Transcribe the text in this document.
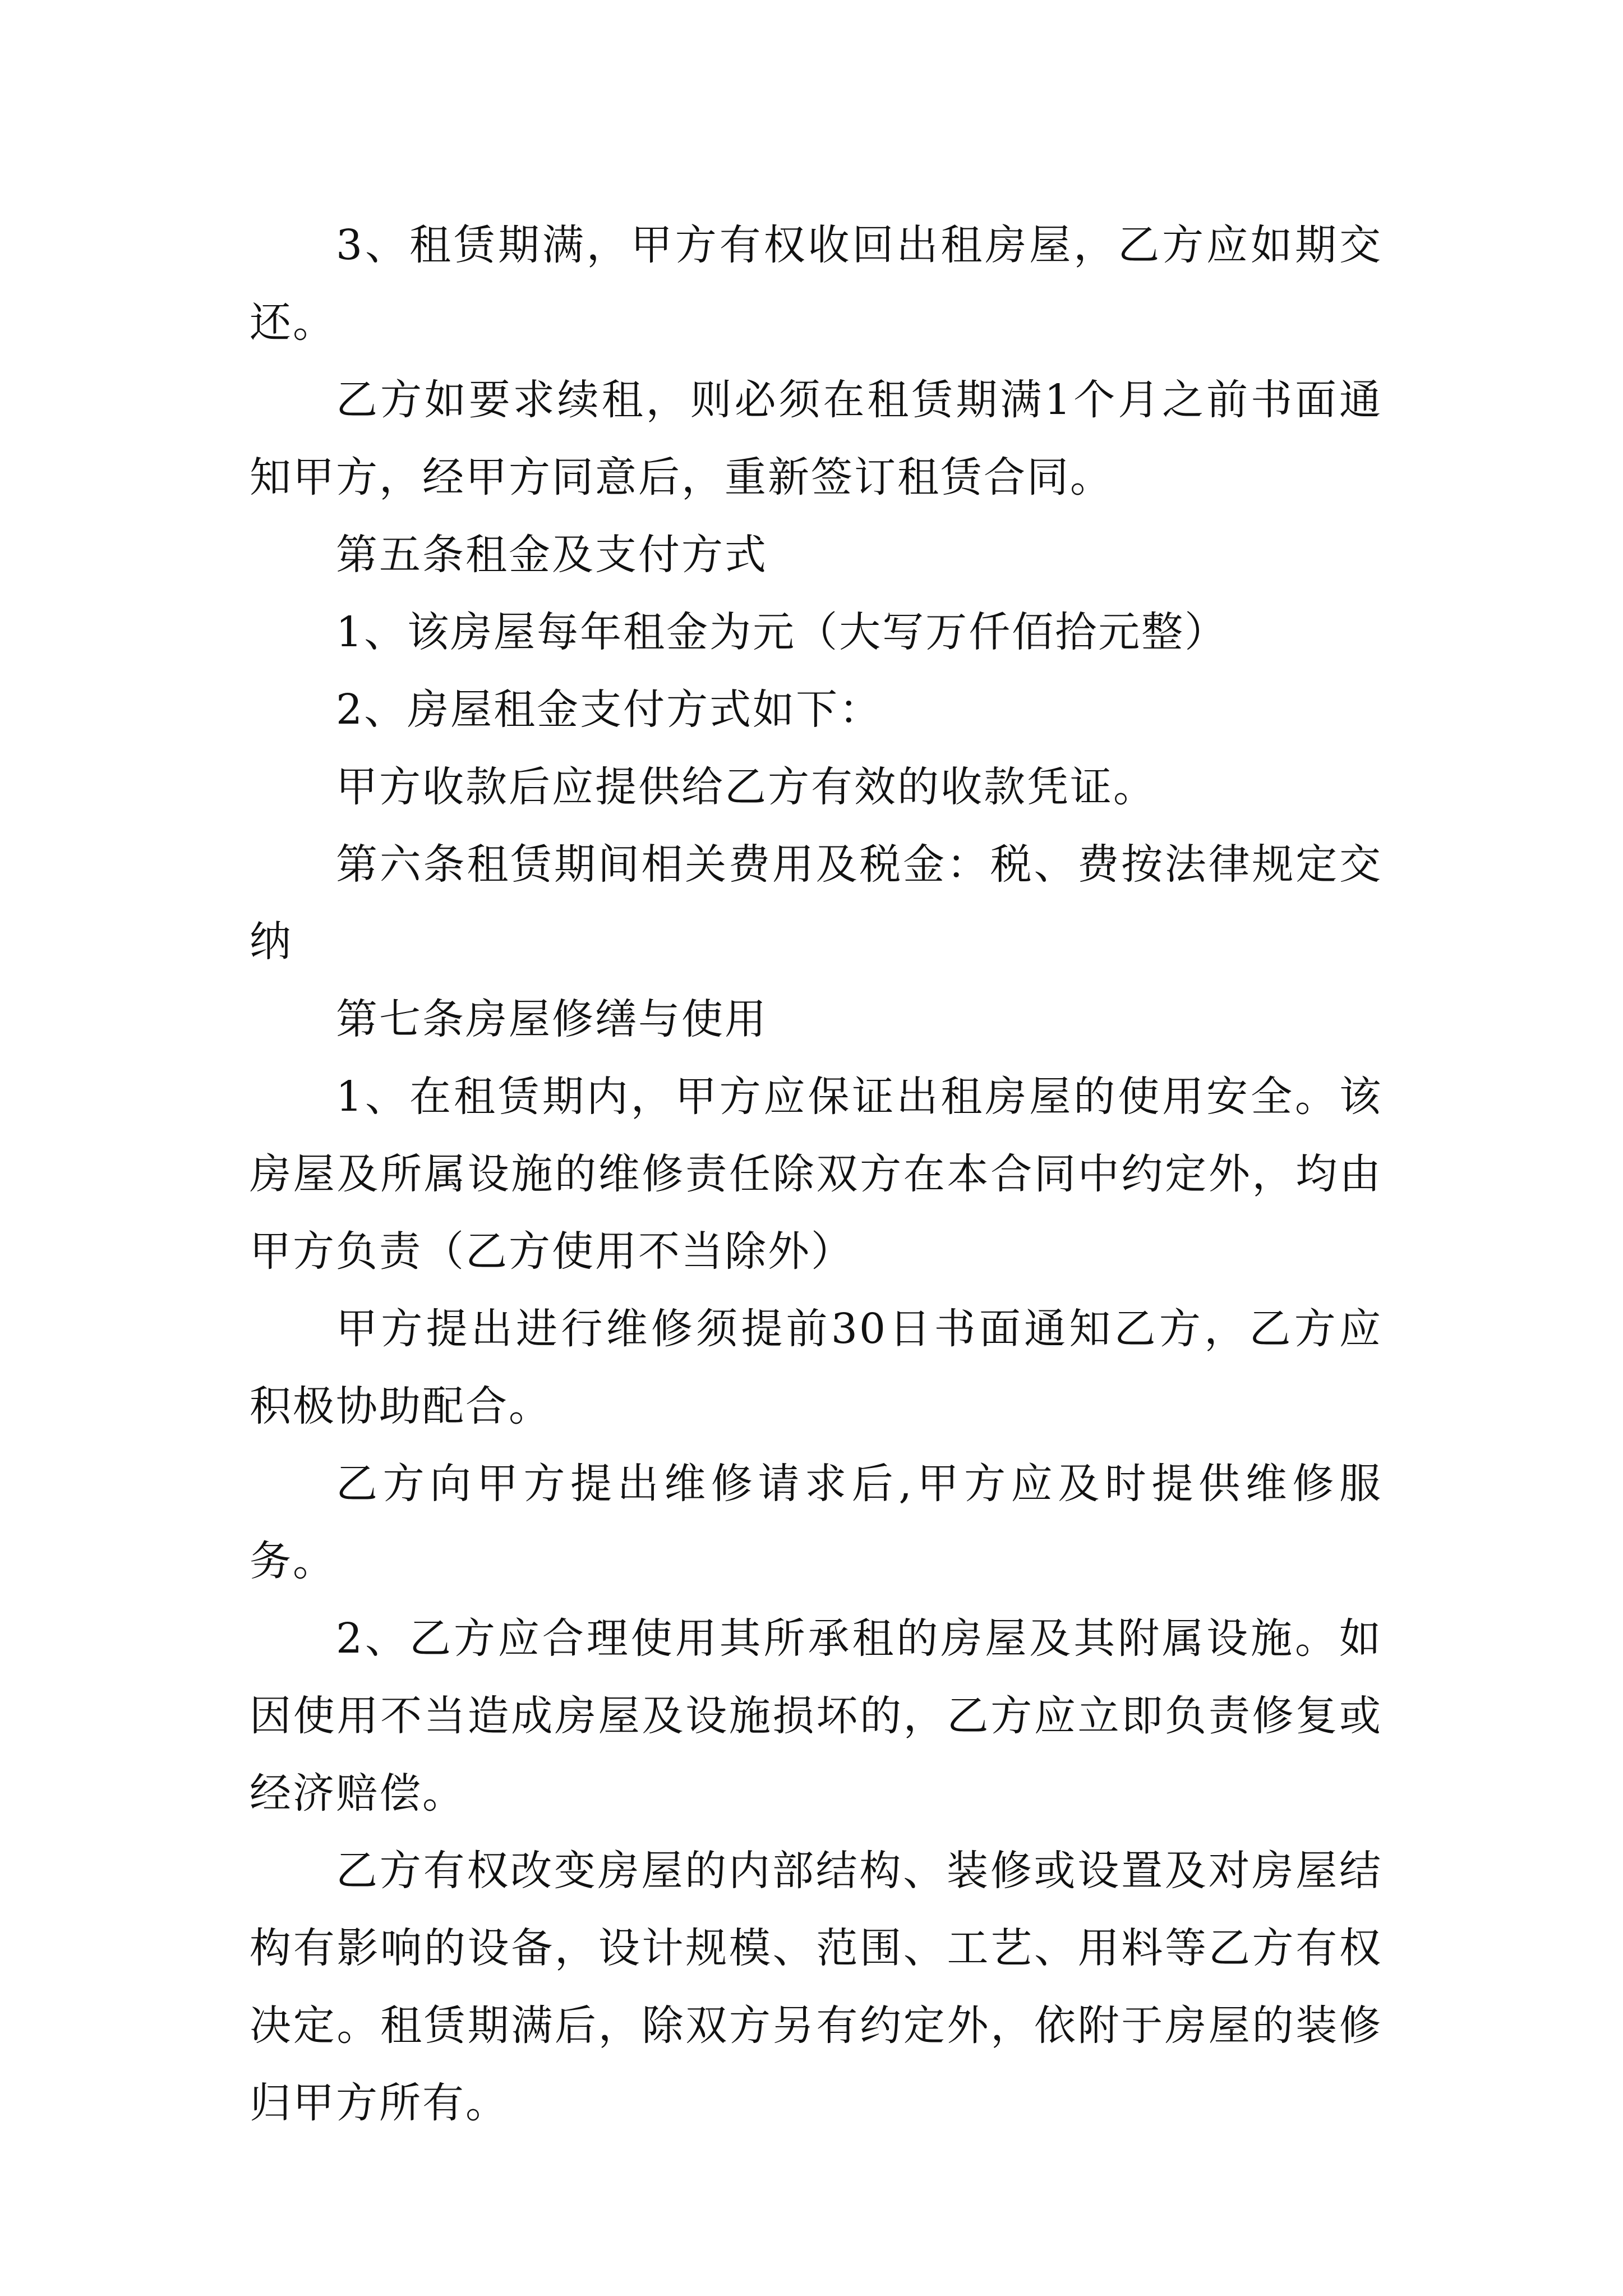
3、租赁期满，甲方有权收回出租房屋，乙方应如期交还。

乙方如要求续租，则必须在租赁期满1个月之前书面通知甲方，经甲方同意后，重新签订租赁合同。

第五条租金及支付方式

1、该房屋每年租金为元（大写万仟佰拾元整）

2、房屋租金支付方式如下：

甲方收款后应提供给乙方有效的收款凭证。

第六条租赁期间相关费用及税金：税、费按法律规定交纳

第七条房屋修缮与使用

1、在租赁期内，甲方应保证出租房屋的使用安全。该房屋及所属设施的维修责任除双方在本合同中约定外，均由甲方负责（乙方使用不当除外）

甲方提出进行维修须提前30日书面通知乙方，乙方应积极协助配合。

乙方向甲方提出维修请求后,甲方应及时提供维修服务。

2、乙方应合理使用其所承租的房屋及其附属设施。如因使用不当造成房屋及设施损坏的，乙方应立即负责修复或经济赔偿。

乙方有权改变房屋的内部结构、装修或设置及对房屋结构有影响的设备，设计规模、范围、工艺、用料等乙方有权决定。租赁期满后，除双方另有约定外，依附于房屋的装修归甲方所有。
